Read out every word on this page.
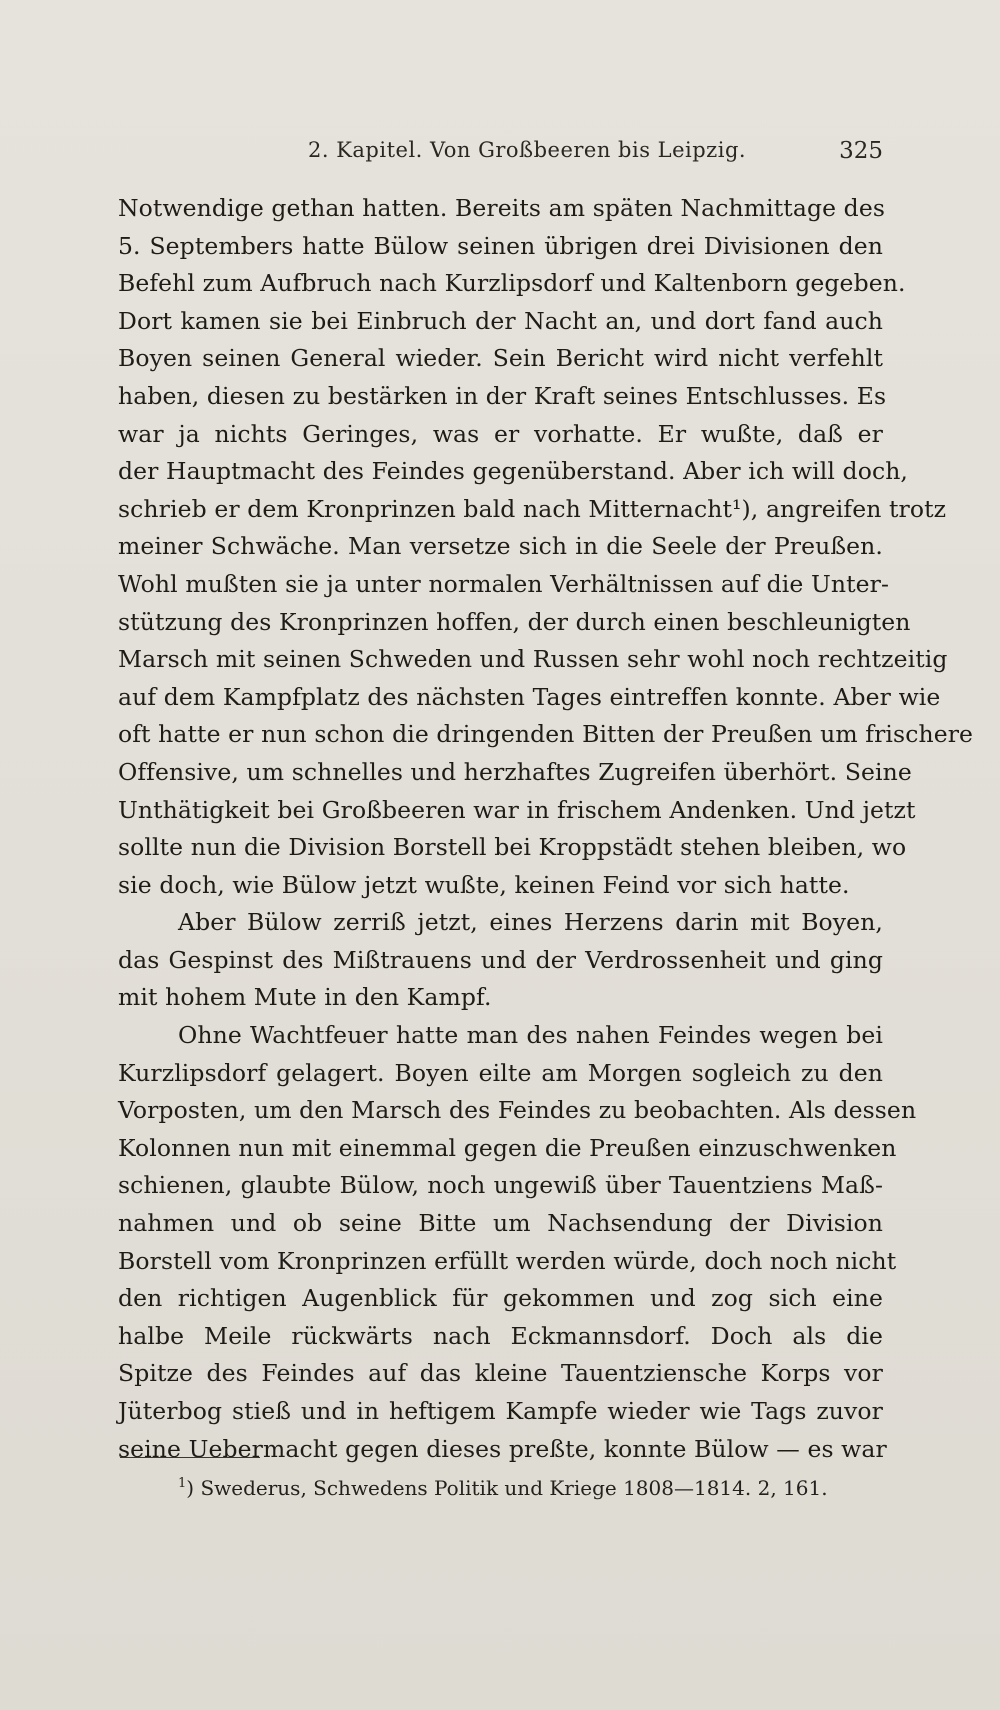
2. Kapitel. Von Großbeeren bis Leipzig.	325
Notwendige gethan hatten. Bereits am späten Nachmittage des
5. Septembers hatte Bülow seinen übrigen drei Divisionen den
Befehl zum Aufbruch nach Kurzlipsdorf und Kaltenborn gegeben.
Dort kamen sie bei Einbruch der Nacht an, und dort fand auch
Boyen seinen General wieder. Sein Bericht wird nicht verfehlt
haben, diesen zu bestärken in der Kraft seines Entschlusses. Es
war ja nichts Geringes, was er vorhatte. Er wußte, daß er
der Hauptmacht des Feindes gegenüberstand. Aber ich will doch,
schrieb er dem Kronprinzen bald nach Mitternacht¹), angreifen trotz
meiner Schwäche. Man versetze sich in die Seele der Preußen.
Wohl mußten sie ja unter normalen Verhältnissen auf die Unter-
stützung des Kronprinzen hoffen, der durch einen beschleunigten
Marsch mit seinen Schweden und Russen sehr wohl noch rechtzeitig
auf dem Kampfplatz des nächsten Tages eintreffen konnte. Aber wie
oft hatte er nun schon die dringenden Bitten der Preußen um frischere
Offensive, um schnelles und herzhaftes Zugreifen überhört. Seine
Unthätigkeit bei Großbeeren war in frischem Andenken. Und jetzt
sollte nun die Division Borstell bei Kroppstädt stehen bleiben, wo
sie doch, wie Bülow jetzt wußte, keinen Feind vor sich hatte.
Aber Bülow zerriß jetzt, eines Herzens darin mit Boyen,
das Gespinst des Mißtrauens und der Verdrossenheit und ging
mit hohem Mute in den Kampf.
Ohne Wachtfeuer hatte man des nahen Feindes wegen bei
Kurzlipsdorf gelagert. Boyen eilte am Morgen sogleich zu den
Vorposten, um den Marsch des Feindes zu beobachten. Als dessen
Kolonnen nun mit einemmal gegen die Preußen einzuschwenken
schienen, glaubte Bülow, noch ungewiß über Tauentziens Maß-
nahmen und ob seine Bitte um Nachsendung der Division
Borstell vom Kronprinzen erfüllt werden würde, doch noch nicht
den richtigen Augenblick für gekommen und zog sich eine
halbe Meile rückwärts nach Eckmannsdorf. Doch als die
Spitze des Feindes auf das kleine Tauentziensche Korps vor
Jüterbog stieß und in heftigem Kampfe wieder wie Tags zuvor
seine Uebermacht gegen dieses preßte, konnte Bülow — es war
$^1$) Swederus, Schwedens Politik und Kriege 1808—1814. 2, 161.
